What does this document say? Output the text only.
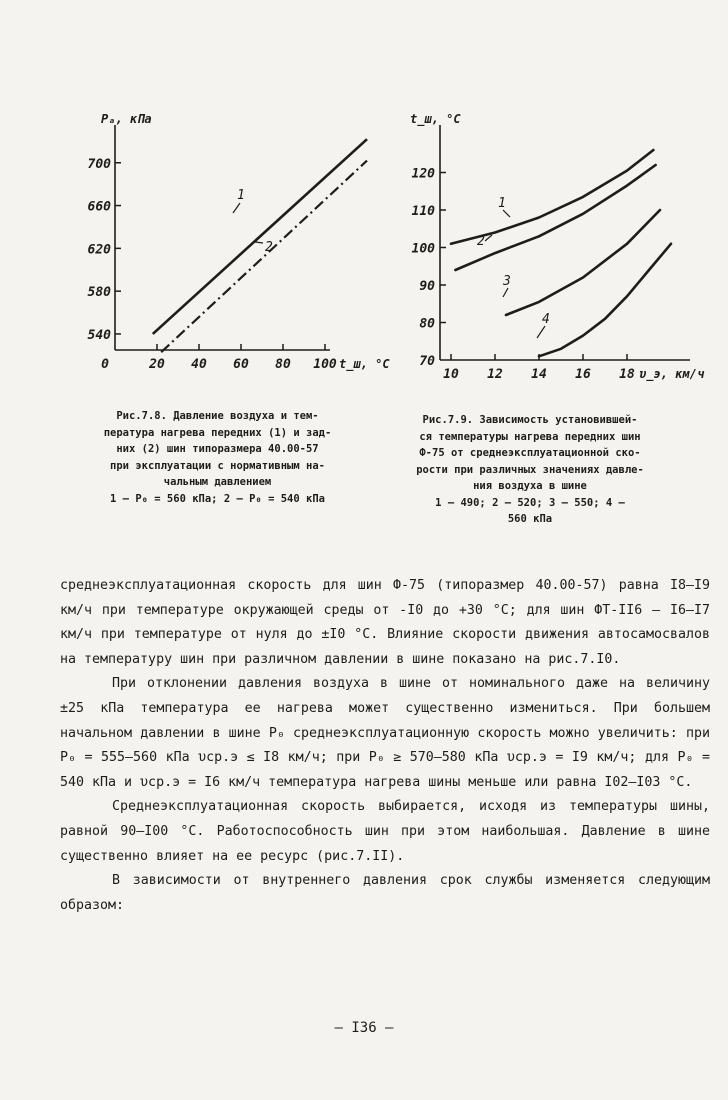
700
660
620
580
540
0	20 40 60 80 100
Pₐ, кПа
t_ш, °C
1
2
120
110
100
90
80
70
10 12 14 16 18
t_ш, °C
υ_э, км/ч
1
2
3
4
Рис.7.8. Давление воздуха и тем-
пература нагрева передних (1) и зад-
них (2) шин типоразмера 40.00-57
при эксплуатации с нормативным на-
чальным давлением
1 – P₀ = 560 кПа; 2 – P₀ = 540 кПа
Рис.7.9. Зависимость установившей-
ся температуры нагрева передних шин
Ф-75 от среднеэксплуатационной ско-
рости при различных значениях давле-
ния воздуха в шине
1 – 490; 2 – 520; 3 – 550; 4 –
560 кПа

среднеэксплуатационная скорость для шин Ф-75 (типоразмер 40.00-57) равна I8–I9 км/ч при температуре окружающей среды от -I0 до +30 °C; для шин ФТ-II6 – I6–I7 км/ч при температуре от нуля до ±I0 °C. Влияние скорости движения автосамосвалов на температуру шин при различном давлении в шине показано на рис.7.I0.

При отклонении давления воздуха в шине от номинального даже на величину ±25 кПа температура ее нагрева может существенно измениться. При большем начальном давлении в шине P₀ среднеэксплуатационную скорость можно увеличить: при P₀ = 555–560 кПа υср.э ≤ I8 км/ч; при P₀ ≥ 570–580 кПа υср.э = I9 км/ч; для P₀ = 540 кПа и υср.э = I6 км/ч температура нагрева шины меньше или равна I02–I03 °C.

Среднеэксплуатационная скорость выбирается, исходя из температуры шины, равной 90–I00 °C. Работоспособность шин при этом наибольшая. Давление в шине существенно влияет на ее ресурс (рис.7.II).

В зависимости от внутреннего давления срок службы изменяется следующим образом:

– I36 –
